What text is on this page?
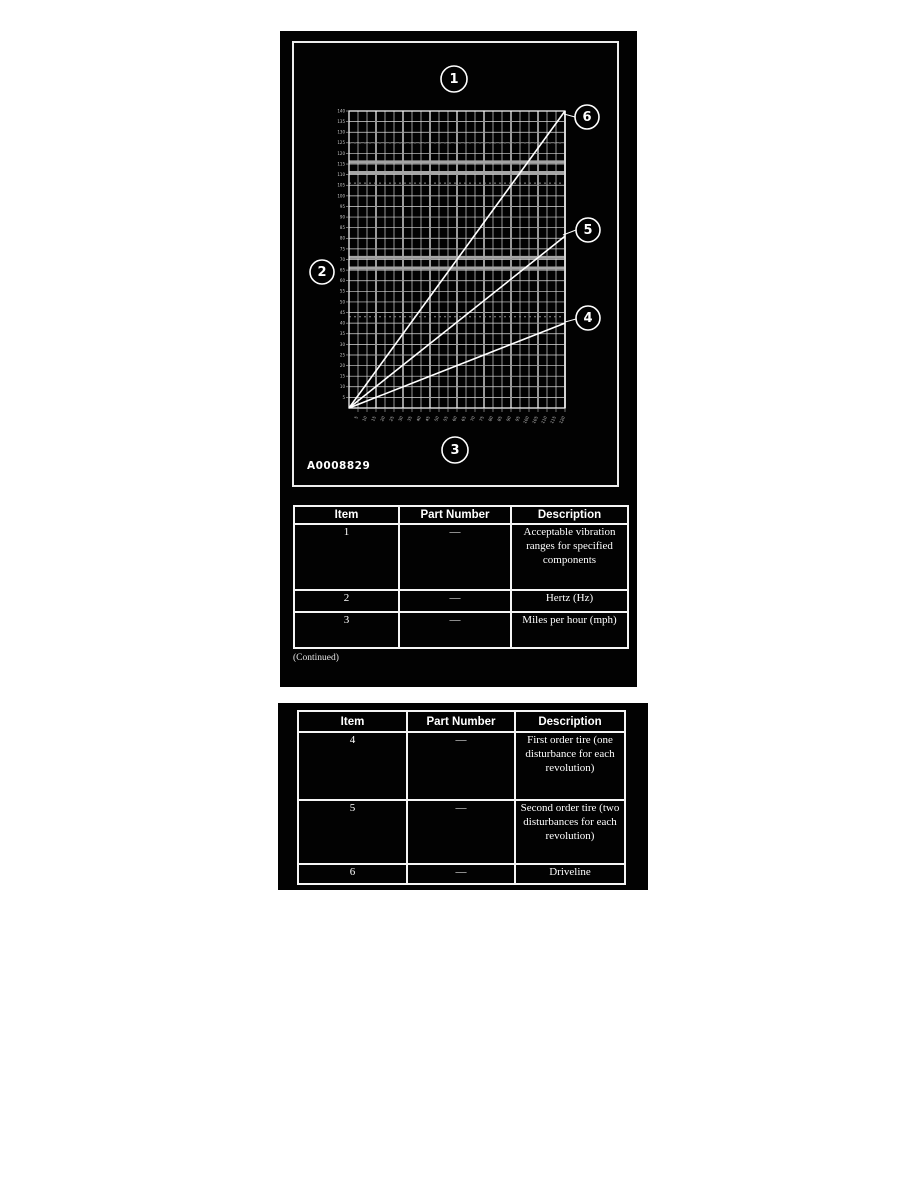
5
10
15
20
25
30
35
40
45
50
55
60
65
70
75
80
85
90
95
100
105
110
115
120
125
130
135
140
5 10 15 20 25 30 35 40 45 50 55 60 65 70 75 80 85 90 95 100 105 110 115 120
1
2
3
4
5
6
A0008829
Item	Part Number	Description
1	—	Acceptable vibration ranges for specified components
2	—	Hertz (Hz)
3	—	Miles per hour (mph)
(Continued)
Item	Part Number	Description
4	—	First order tire (one disturbance for each revolution)
5	—	Second order tire (two disturbances for each revolution)
6	—	Driveline
